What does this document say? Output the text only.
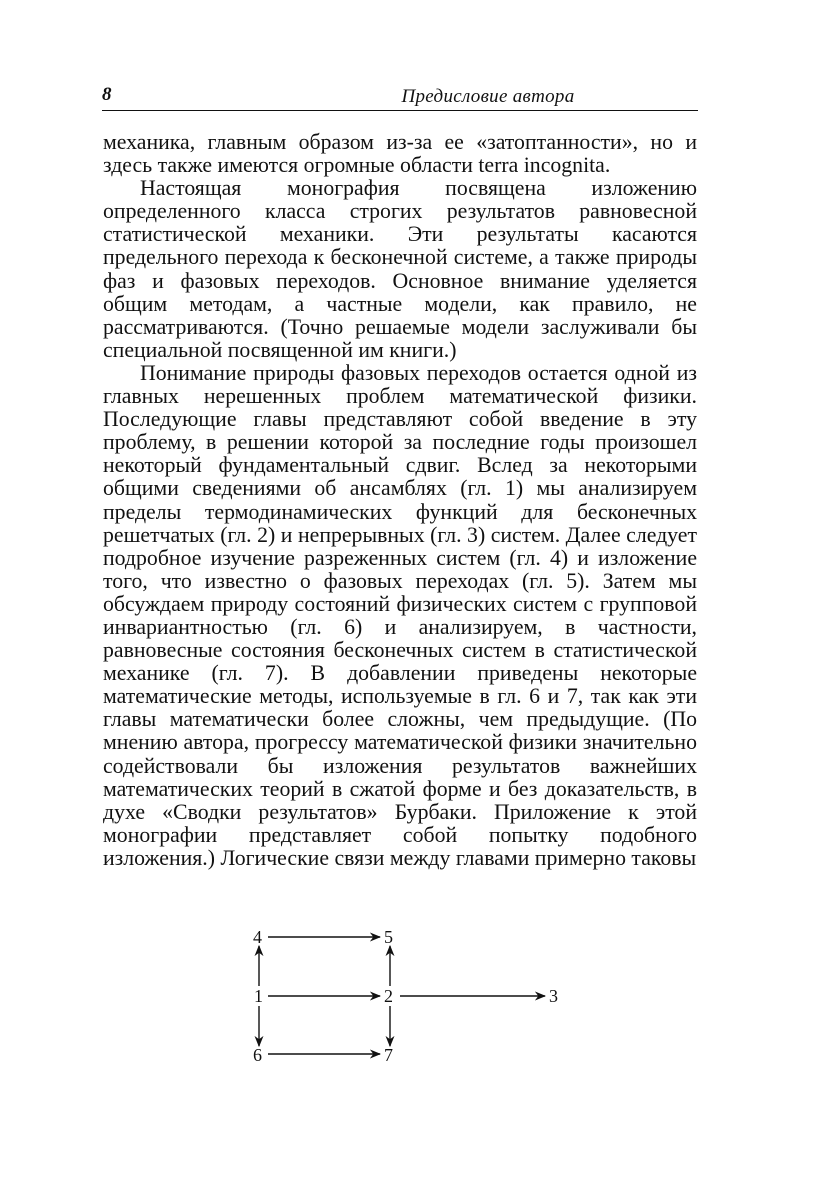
8	Предисловие автора

механика, главным образом из-за ее «затоптанности», но и здесь также имеются огромные области terra incognita.

Настоящая монография посвящена изложению определенного класса строгих результатов равновесной статистической механики. Эти результаты касаются предельного перехода к бесконечной системе, а также природы фаз и фазовых переходов. Основное внимание уделяется общим методам, а частные модели, как правило, не рассматриваются. (Точно решаемые модели заслуживали бы специальной посвященной им книги.)

Понимание природы фазовых переходов остается одной из главных нерешенных проблем математической физики. Последующие главы представляют собой введение в эту проблему, в решении которой за последние годы произошел некоторый фундаментальный сдвиг. Вслед за некоторыми общими сведениями об ансамблях (гл. 1) мы анализируем пределы термодинамических функций для бесконечных решетчатых (гл. 2) и непрерывных (гл. 3) систем. Далее следует подробное изучение разреженных систем (гл. 4) и изложение того, что известно о фазовых переходах (гл. 5). Затем мы обсуждаем природу состояний физических систем с групповой инвариантностью (гл. 6) и анализируем, в частности, равновесные состояния бесконечных систем в статистической механике (гл. 7). В добавлении приведены некоторые математические методы, используемые в гл. 6 и 7, так как эти главы математически более сложны, чем предыдущие. (По мнению автора, прогрессу математической физики значительно содействовали бы изложения результатов важнейших математических теорий в сжатой форме и без доказательств, в духе «Сводки результатов» Бурбаки. Приложение к этой монографии представляет собой попытку подобного изложения.) Логические связи между главами примерно таковы

4	5
1	2	3
6	7
